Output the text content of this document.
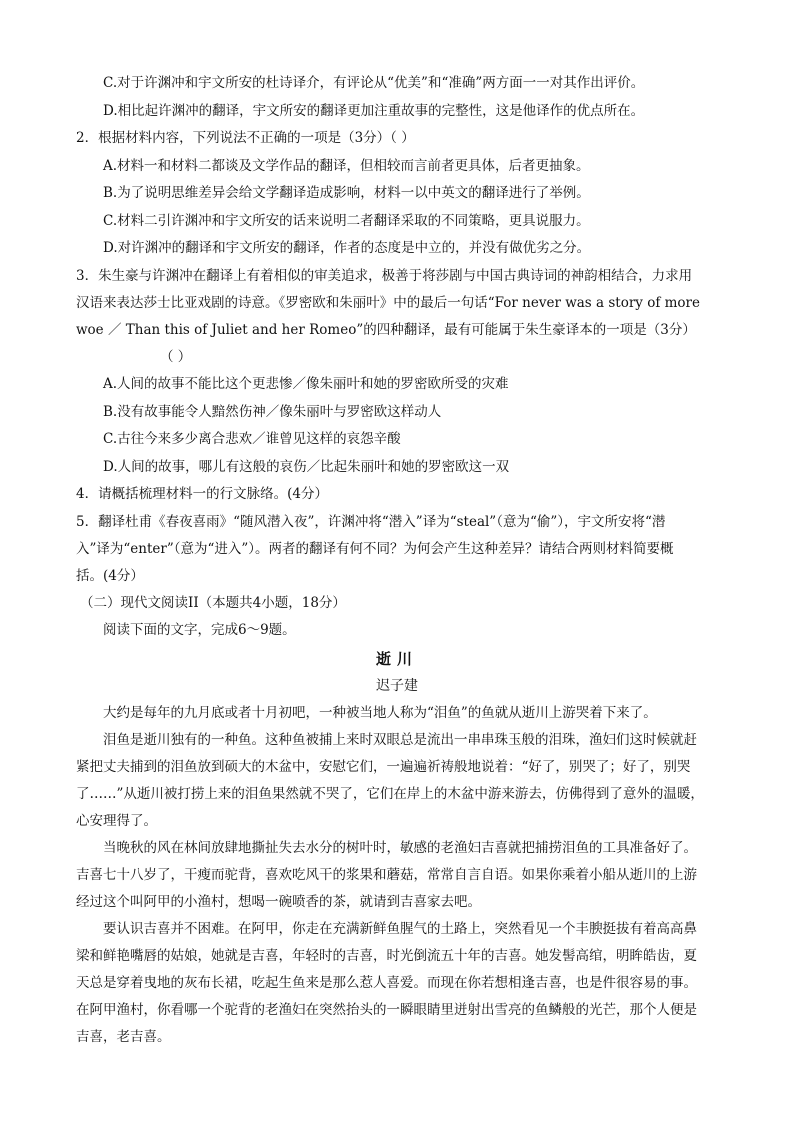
C.对于许渊冲和宇文所安的杜诗译介，有评论从“优美”和“准确”两方面一一对其作出评价。
D.相比起许渊冲的翻译，宇文所安的翻译更加注重故事的完整性，这是他译作的优点所在。
2．根据材料内容，下列说法不正确的一项是（3分）（ ）
A.材料一和材料二都谈及文学作品的翻译，但相较而言前者更具体，后者更抽象。
B.为了说明思维差异会给文学翻译造成影响，材料一以中英文的翻译进行了举例。
C.材料二引许渊冲和宇文所安的话来说明二者翻译采取的不同策略，更具说服力。
D.对许渊冲的翻译和宇文所安的翻译，作者的态度是中立的，并没有做优劣之分。
3．朱生豪与许渊冲在翻译上有着相似的审美追求，极善于将莎剧与中国古典诗词的神韵相结合，力求用
汉语来表达莎士比亚戏剧的诗意。《罗密欧和朱丽叶》中的最后一句话“For never was a story of more
woe ／ Than this of Juliet and her Romeo”的四种翻译，最有可能属于朱生豪译本的一项是（3分）
（ ）
A.人间的故事不能比这个更悲惨／像朱丽叶和她的罗密欧所受的灾难
B.没有故事能令人黯然伤神／像朱丽叶与罗密欧这样动人
C.古往今来多少离合悲欢／谁曾见这样的哀怨辛酸
D.人间的故事，哪儿有这般的哀伤／比起朱丽叶和她的罗密欧这一双
4．请概括梳理材料一的行文脉络。(4分）
5．翻译杜甫《春夜喜雨》“随风潜入夜”，许渊冲将“潜入”译为“steal”（意为“偷”），宇文所安将“潜
入”译为“enter”（意为“进入”）。两者的翻译有何不同？为何会产生这种差异？请结合两则材料简要概
括。(4分）
（二）现代文阅读II（本题共4小题，18分）
阅读下面的文字，完成6～9题。
逝川
迟子建
大约是每年的九月底或者十月初吧，一种被当地人称为“泪鱼”的鱼就从逝川上游哭着下来了。
泪鱼是逝川独有的一种鱼。这种鱼被捕上来时双眼总是流出一串串珠玉般的泪珠，渔妇们这时候就赶
紧把丈夫捕到的泪鱼放到硕大的木盆中，安慰它们，一遍遍祈祷般地说着：“好了，别哭了；好了，别哭
了……”从逝川被打捞上来的泪鱼果然就不哭了，它们在岸上的木盆中游来游去，仿佛得到了意外的温暖，
心安理得了。
当晚秋的风在林间放肆地撕扯失去水分的树叶时，敏感的老渔妇吉喜就把捕捞泪鱼的工具准备好了。
吉喜七十八岁了，干瘦而驼背，喜欢吃风干的浆果和蘑菇，常常自言自语。如果你乘着小船从逝川的上游
经过这个叫阿甲的小渔村，想喝一碗喷香的茶，就请到吉喜家去吧。
要认识吉喜并不困难。在阿甲，你走在充满新鲜鱼腥气的土路上，突然看见一个丰腴挺拔有着高高鼻
梁和鲜艳嘴唇的姑娘，她就是吉喜，年轻时的吉喜，时光倒流五十年的吉喜。她发髻高绾，明眸皓齿，夏
天总是穿着曳地的灰布长裙，吃起生鱼来是那么惹人喜爱。而现在你若想相逢吉喜，也是件很容易的事。
在阿甲渔村，你看哪一个驼背的老渔妇在突然抬头的一瞬眼睛里迸射出雪亮的鱼鳞般的光芒，那个人便是
吉喜，老吉喜。
